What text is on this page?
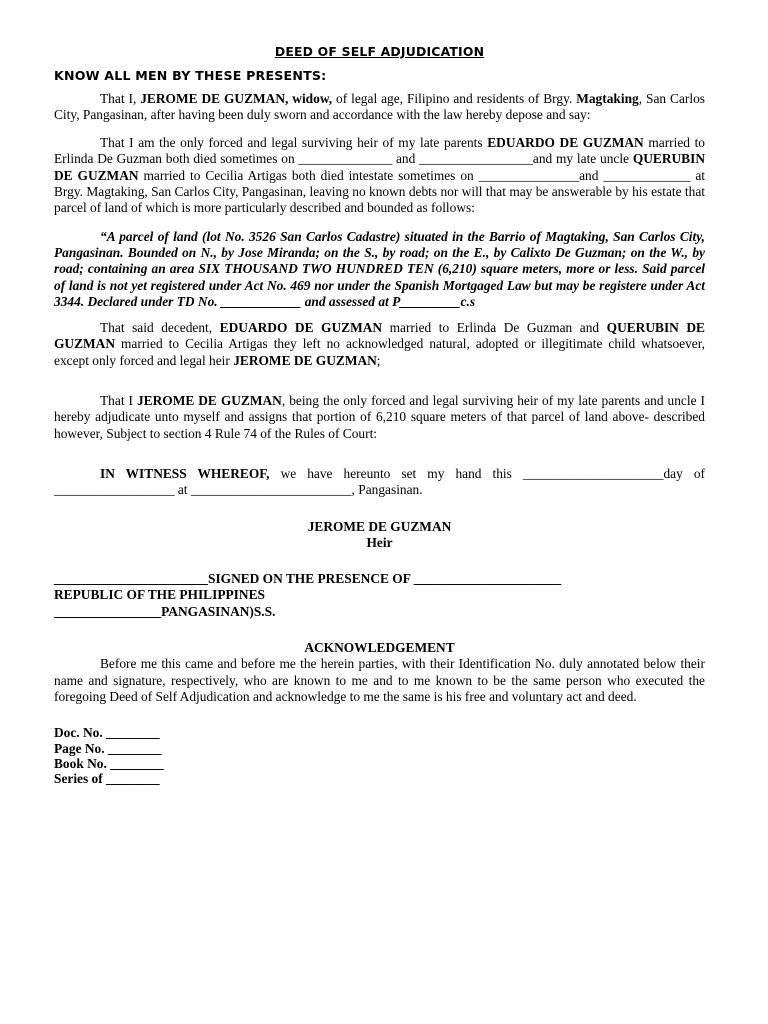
DEED OF SELF ADJUDICATION
KNOW ALL MEN BY THESE PRESENTS:

That I, JEROME DE GUZMAN, widow, of legal age, Filipino and residents of Brgy. Magtaking, San Carlos City, Pangasinan, after having been duly sworn and accordance with the law hereby depose and say:

That I am the only forced and legal surviving heir of my late parents EDUARDO DE GUZMAN married to Erlinda De Guzman both died sometimes on ______________ and _________________and my late uncle QUERUBIN DE GUZMAN married to Cecilia Artigas both died intestate sometimes on _______________and _____________ at Brgy. Magtaking, San Carlos City, Pangasinan, leaving no known debts nor will that may be answerable by his estate that parcel of land of which is more particularly described and bounded as follows:

“A parcel of land (lot No. 3526 San Carlos Cadastre) situated in the Barrio of Magtaking, San Carlos City, Pangasinan. Bounded on N., by Jose Miranda; on the S., by road; on the E., by Calixto De Guzman; on the W., by road; containing an area SIX THOUSAND TWO HUNDRED TEN (6,210) square meters, more or less. Said parcel of land is not yet registered under Act No. 469 nor under the Spanish Mortgaged Law but may be registere under Act 3344. Declared under TD No. ____________ and assessed at P_________c.s

That said decedent, EDUARDO DE GUZMAN married to Erlinda De Guzman and QUERUBIN DE GUZMAN married to Cecilia Artigas they left no acknowledged natural, adopted or illegitimate child whatsoever, except only forced and legal heir JEROME DE GUZMAN;

That I JEROME DE GUZMAN, being the only forced and legal surviving heir of my late parents and uncle I hereby adjudicate unto myself and assigns that portion of 6,210 square meters of that parcel of land above- described however, Subject to section 4 Rule 74 of the Rules of Court:

IN WITNESS WHEREOF, we have hereunto set my hand this _____________________day of __________________ at ________________________, Pangasinan.

JEROME DE GUZMAN
Heir
_______________________SIGNED ON THE PRESENCE OF ______________________
REPUBLIC OF THE PHILIPPINES
________________PANGASINAN)S.S.
ACKNOWLEDGEMENT

Before me this came and before me the herein parties, with their Identification No. duly annotated below their name and signature, respectively, who are known to me and to me known to be the same person who executed the foregoing Deed of Self Adjudication and acknowledge to me the same is his free and voluntary act and deed.

Doc. No. ________
Page No. ________
Book No. ________
Series of ________
